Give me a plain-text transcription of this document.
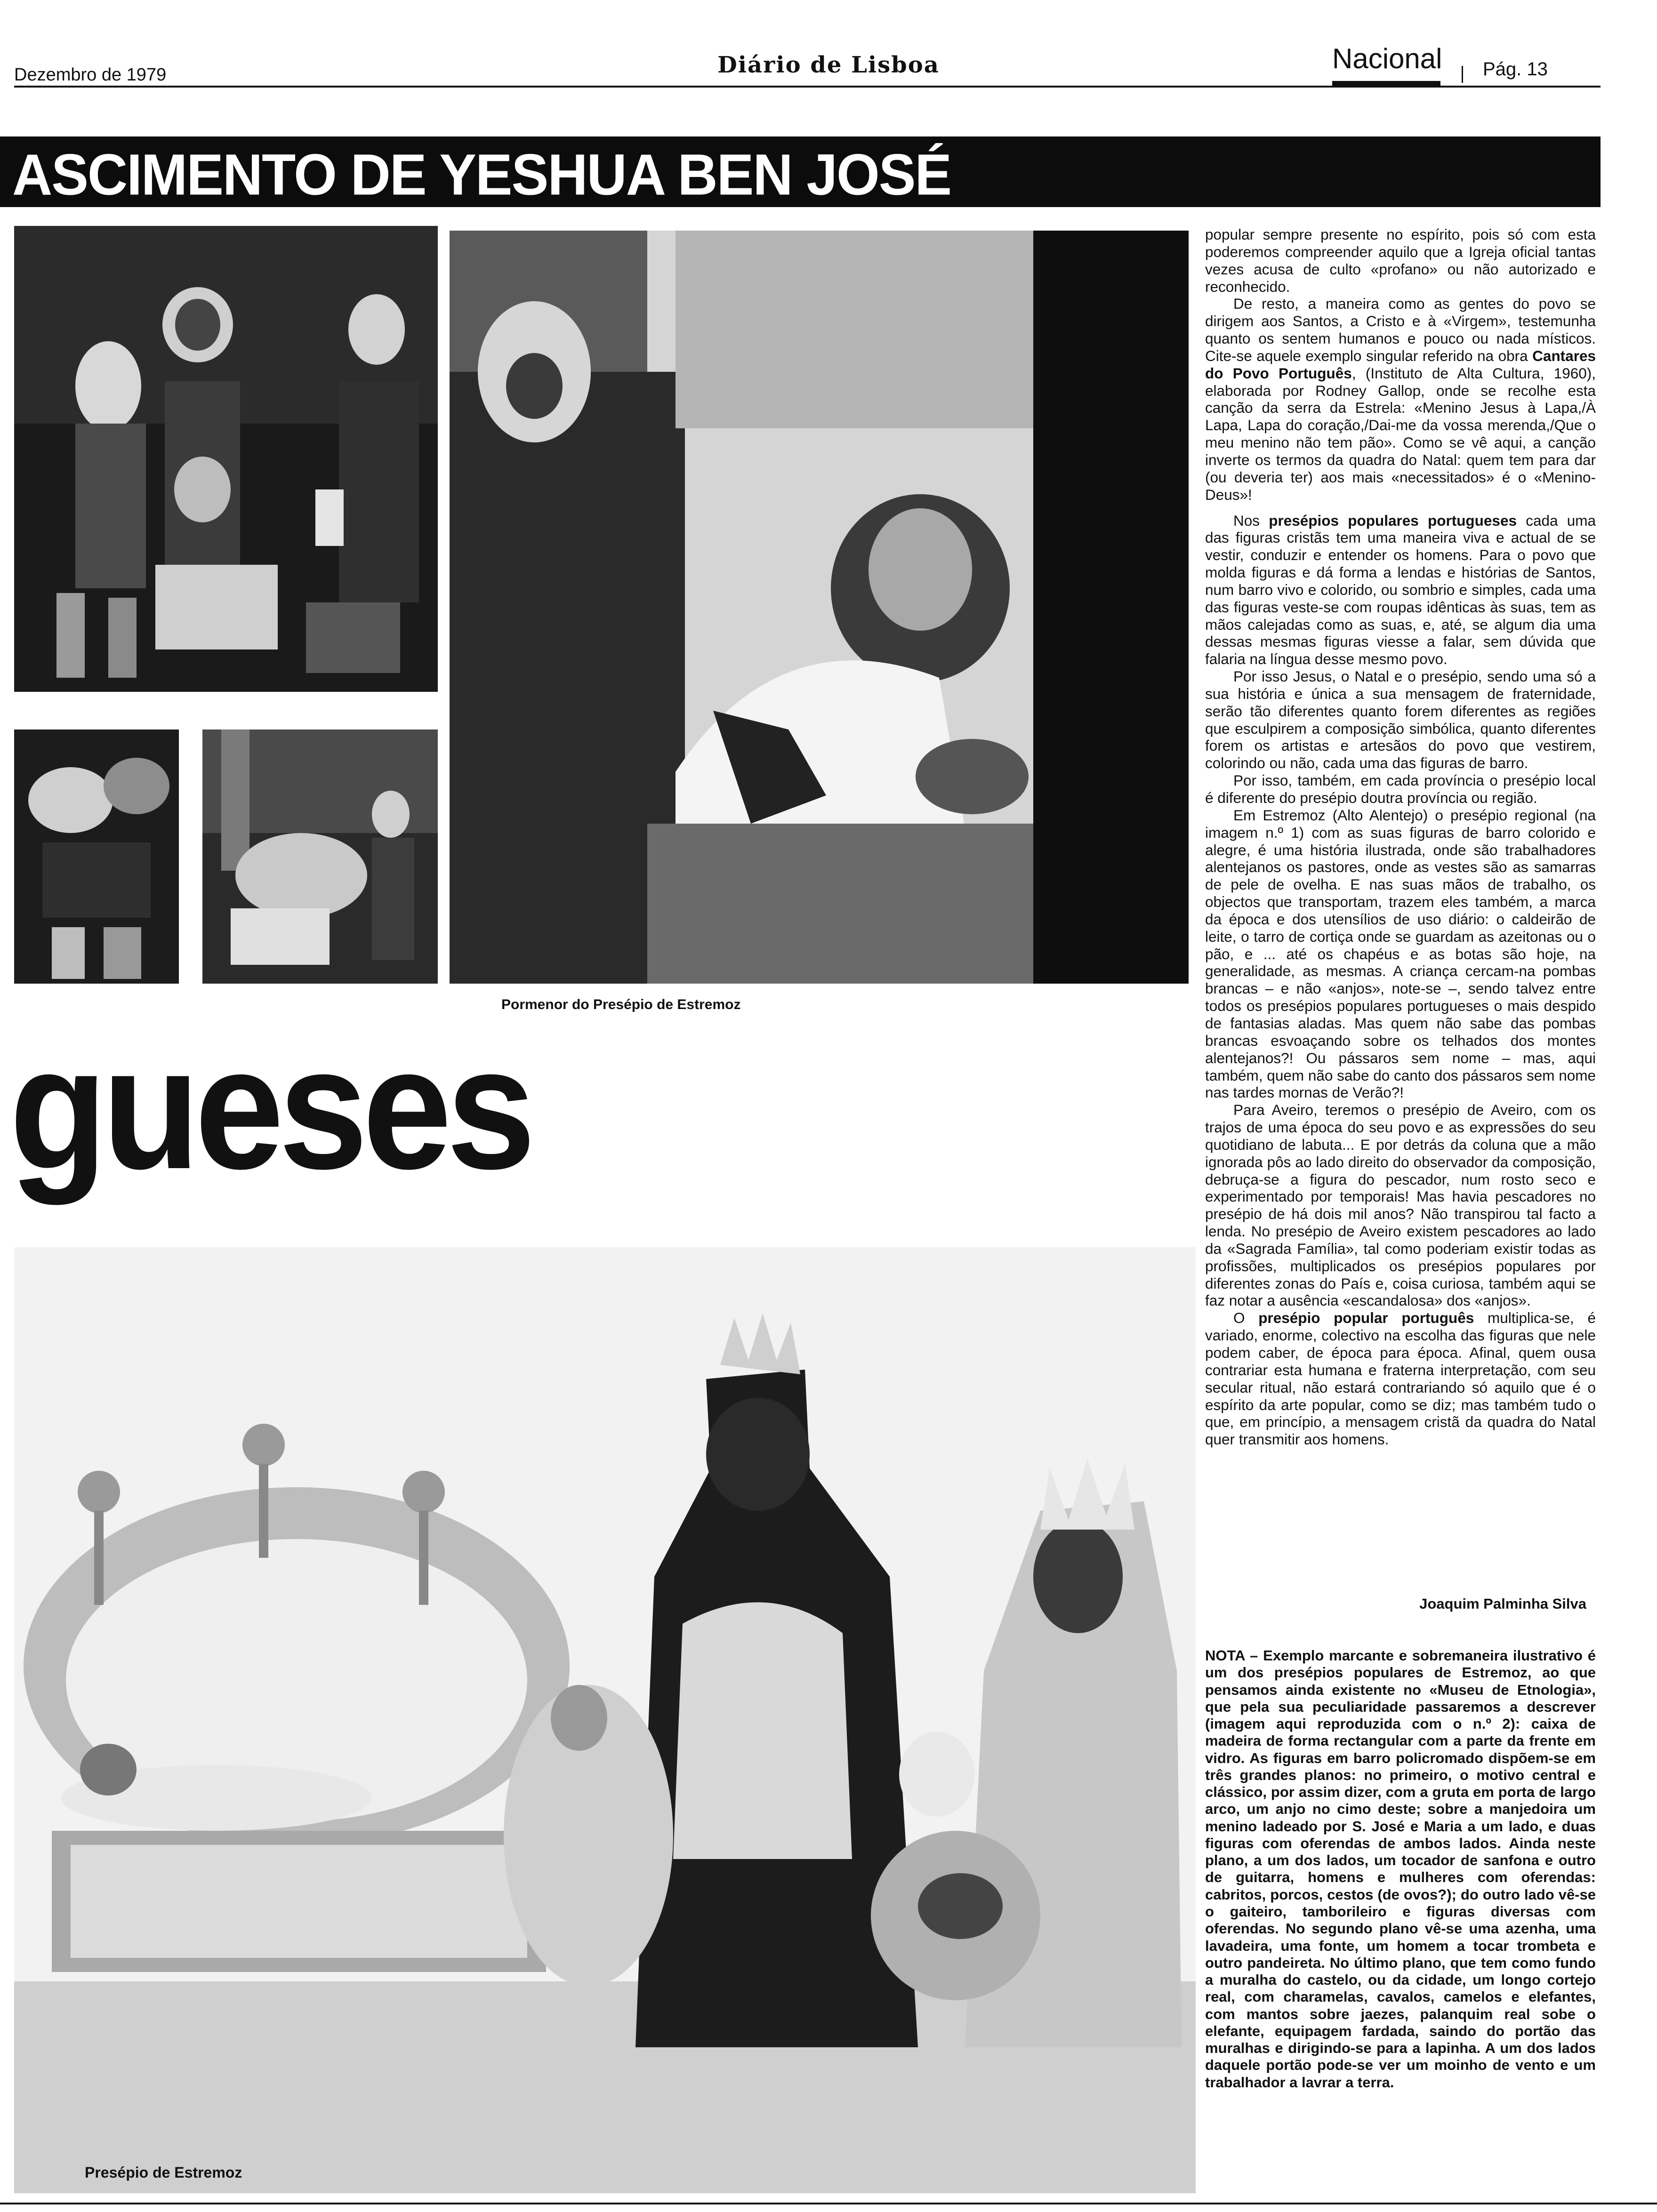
Dezembro de 1979	Diário de Lisboa	Nacional Pág. 13
ASCIMENTO DE YESHUA BEN JOSÉ
Pormenor do Presépio de Estremoz
gueses
Presépio de Estremoz

popular sempre presente no espírito, pois só com esta poderemos compreender aquilo que a Igreja oficial tantas vezes acusa de culto «profano» ou não autorizado e reconhecido.

De resto, a maneira como as gentes do povo se dirigem aos Santos, a Cristo e à «Virgem», testemunha quanto os sentem humanos e pouco ou nada místicos. Cite-se aquele exemplo singular referido na obra Cantares do Povo Português, (Instituto de Alta Cultura, 1960), elaborada por Rodney Gallop, onde se recolhe esta canção da serra da Estrela: «Menino Jesus à Lapa,/À Lapa, Lapa do coração,/Dai-me da vossa merenda,/Que o meu menino não tem pão». Como se vê aqui, a canção inverte os termos da quadra do Natal: quem tem para dar (ou deveria ter) aos mais «necessitados» é o «Menino-Deus»!

Nos presépios populares portugueses cada uma das figuras cristãs tem uma maneira viva e actual de se vestir, conduzir e entender os homens. Para o povo que molda figuras e dá forma a lendas e histórias de Santos, num barro vivo e colorido, ou sombrio e simples, cada uma das figuras veste-se com roupas idênticas às suas, tem as mãos calejadas como as suas, e, até, se algum dia uma dessas mesmas figuras viesse a falar, sem dúvida que falaria na língua desse mesmo povo.

Por isso Jesus, o Natal e o presépio, sendo uma só a sua história e única a sua mensagem de fraternidade, serão tão diferentes quanto forem diferentes as regiões que esculpirem a composição simbólica, quanto diferentes forem os artistas e artesãos do povo que vestirem, colorindo ou não, cada uma das figuras de barro.

Por isso, também, em cada província o presépio local é diferente do presépio doutra província ou região.

Em Estremoz (Alto Alentejo) o presépio regional (na imagem n.º 1) com as suas figuras de barro colorido e alegre, é uma história ilustrada, onde são trabalhadores alentejanos os pastores, onde as vestes são as samarras de pele de ovelha. E nas suas mãos de trabalho, os objectos que transportam, trazem eles também, a marca da época e dos utensílios de uso diário: o caldeirão de leite, o tarro de cortiça onde se guardam as azeitonas ou o pão, e ... até os chapéus e as botas são hoje, na generalidade, as mesmas. A criança cercam-na pombas brancas – e não «anjos», note-se –, sendo talvez entre todos os presépios populares portugueses o mais despido de fantasias aladas. Mas quem não sabe das pombas brancas esvoaçando sobre os telhados dos montes alentejanos?! Ou pássaros sem nome – mas, aqui também, quem não sabe do canto dos pássaros sem nome nas tardes mornas de Verão?!

Para Aveiro, teremos o presépio de Aveiro, com os trajos de uma época do seu povo e as expressões do seu quotidiano de labuta... E por detrás da coluna que a mão ignorada pôs ao lado direito do observador da composição, debruça-se a figura do pescador, num rosto seco e experimentado por temporais! Mas havia pescadores no presépio de há dois mil anos? Não transpirou tal facto a lenda. No presépio de Aveiro existem pescadores ao lado da «Sagrada Família», tal como poderiam existir todas as profissões, multiplicados os presépios populares por diferentes zonas do País e, coisa curiosa, também aqui se faz notar a ausência «escandalosa» dos «anjos».

O presépio popular português multiplica-se, é variado, enorme, colectivo na escolha das figuras que nele podem caber, de época para época. Afinal, quem ousa contrariar esta humana e fraterna interpretação, com seu secular ritual, não estará contrariando só aquilo que é o espírito da arte popular, como se diz; mas também tudo o que, em princípio, a mensagem cristã da quadra do Natal quer transmitir aos homens.

Joaquim Palminha Silva
NOTA – Exemplo marcante e sobremaneira ilustrativo é um dos presépios populares de Estremoz, ao que pensamos ainda existente no «Museu de Etnologia», que pela sua peculiaridade passaremos a descrever (imagem aqui reproduzida com o n.º 2): caixa de madeira de forma rectangular com a parte da frente em vidro. As figuras em barro policromado dispõem-se em três grandes planos: no primeiro, o motivo central e clássico, por assim dizer, com a gruta em porta de largo arco, um anjo no cimo deste; sobre a manjedoira um menino ladeado por S. José e Maria a um lado, e duas figuras com oferendas de ambos lados. Ainda neste plano, a um dos lados, um tocador de sanfona e outro de guitarra, homens e mulheres com oferendas: cabritos, porcos, cestos (de ovos?); do outro lado vê-se o gaiteiro, tamborileiro e figuras diversas com oferendas. No segundo plano vê-se uma azenha, uma lavadeira, uma fonte, um homem a tocar trombeta e outro pandeireta. No último plano, que tem como fundo a muralha do castelo, ou da cidade, um longo cortejo real, com charamelas, cavalos, camelos e elefantes, com mantos sobre jaezes, palanquim real sobe o elefante, equipagem fardada, saindo do portão das muralhas e dirigindo-se para a lapinha. A um dos lados daquele portão pode-se ver um moinho de vento e um trabalhador a lavrar a terra.
